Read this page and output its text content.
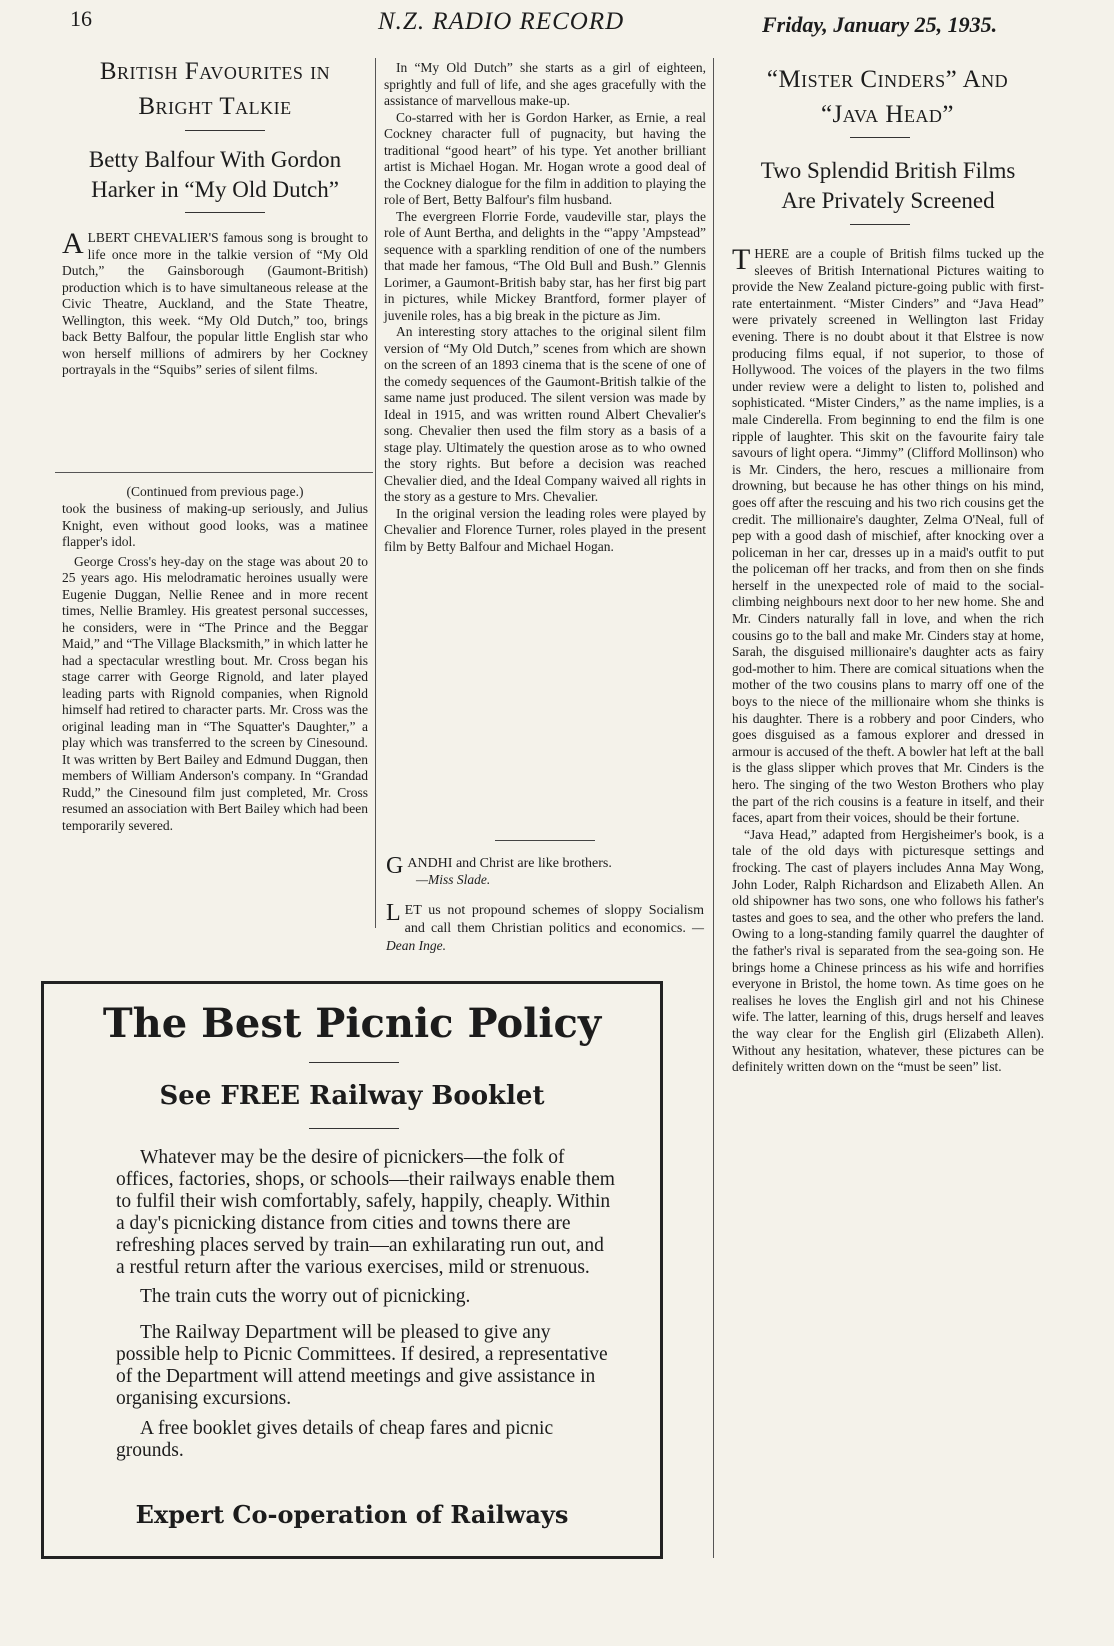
16	N.Z. RADIO RECORD	Friday, January 25, 1935.
British Favourites in
Bright Talkie
Betty Balfour With Gordon
Harker in “My Old Dutch”

ALBERT CHEVALIER'S famous song is brought to life once more in the talkie version of “My Old Dutch,” the Gainsborough (Gaumont-British) production which is to have simultaneous release at the Civic Theatre, Auckland, and the State Theatre, Wellington, this week. “My Old Dutch,” too, brings back Betty Balfour, the popular little English star who won herself millions of admirers by her Cockney portrayals in the “Squibs” series of silent films.

(Continued from previous page.)

took the business of making-up seriously, and Julius Knight, even without good looks, was a matinee flapper's idol.

George Cross's hey-day on the stage was about 20 to 25 years ago. His melodramatic heroines usually were Eugenie Duggan, Nellie Renee and in more recent times, Nellie Bramley. His greatest personal successes, he considers, were in “The Prince and the Beggar Maid,” and “The Village Blacksmith,” in which latter he had a spectacular wrestling bout. Mr. Cross began his stage carrer with George Rignold, and later played leading parts with Rignold companies, when Rignold himself had retired to character parts. Mr. Cross was the original leading man in “The Squatter's Daughter,” a play which was transferred to the screen by Cinesound. It was written by Bert Bailey and Edmund Duggan, then members of William Anderson's company. In “Grandad Rudd,” the Cinesound film just completed, Mr. Cross resumed an association with Bert Bailey which had been temporarily severed.

In “My Old Dutch” she starts as a girl of eighteen, sprightly and full of life, and she ages gracefully with the assistance of marvellous make-up.

Co-starred with her is Gordon Harker, as Ernie, a real Cockney character full of pugnacity, but having the traditional “good heart” of his type. Yet another brilliant artist is Michael Hogan. Mr. Hogan wrote a good deal of the Cockney dialogue for the film in addition to playing the role of Bert, Betty Balfour's film husband.

The evergreen Florrie Forde, vaudeville star, plays the role of Aunt Bertha, and delights in the “'appy 'Ampstead” sequence with a sparkling rendition of one of the numbers that made her famous, “The Old Bull and Bush.” Glennis Lorimer, a Gaumont-British baby star, has her first big part in pictures, while Mickey Brantford, former player of juvenile roles, has a big break in the picture as Jim.

An interesting story attaches to the original silent film version of “My Old Dutch,” scenes from which are shown on the screen of an 1893 cinema that is the scene of one of the comedy sequences of the Gaumont-British talkie of the same name just produced. The silent version was made by Ideal in 1915, and was written round Albert Chevalier's song. Chevalier then used the film story as a basis of a stage play. Ultimately the question arose as to who owned the story rights. But before a decision was reached Chevalier died, and the Ideal Company waived all rights in the story as a gesture to Mrs. Chevalier.

In the original version the leading roles were played by Chevalier and Florence Turner, roles played in the present film by Betty Balfour and Michael Hogan.

GANDHI and Christ are like brothers.

—Miss Slade.

LET us not propound schemes of sloppy Socialism and call them Christian politics and economics. —Dean Inge.

The Best Picnic Policy
See FREE Railway Booklet

Whatever may be the desire of picnickers—the folk of offices, factories, shops, or schools—their railways enable them to fulfil their wish comfortably, safely, happily, cheaply. Within a day's picnicking distance from cities and towns there are refreshing places served by train—an exhilarating run out, and a restful return after the various exercises, mild or strenuous.

The train cuts the worry out of picnicking.

The Railway Department will be pleased to give any possible help to Picnic Committees. If desired, a representative of the Department will attend meetings and give assistance in organising excursions.

A free booklet gives details of cheap fares and picnic grounds.

Expert Co-operation of Railways
“Mister Cinders” And
“Java Head”
Two Splendid British Films
Are Privately Screened

THERE are a couple of British films tucked up the sleeves of British International Pictures waiting to provide the New Zealand picture-going public with first-rate entertainment. “Mister Cinders” and “Java Head” were privately screened in Wellington last Friday evening. There is no doubt about it that Elstree is now producing films equal, if not superior, to those of Hollywood. The voices of the players in the two films under review were a delight to listen to, polished and sophisticated. “Mister Cinders,” as the name implies, is a male Cinderella. From beginning to end the film is one ripple of laughter. This skit on the favourite fairy tale savours of light opera. “Jimmy” (Clifford Mollinson) who is Mr. Cinders, the hero, rescues a millionaire from drowning, but because he has other things on his mind, goes off after the rescuing and his two rich cousins get the credit. The millionaire's daughter, Zelma O'Neal, full of pep with a good dash of mischief, after knocking over a policeman in her car, dresses up in a maid's outfit to put the policeman off her tracks, and from then on she finds herself in the unexpected role of maid to the social-climbing neighbours next door to her new home. She and Mr. Cinders naturally fall in love, and when the rich cousins go to the ball and make Mr. Cinders stay at home, Sarah, the disguised millionaire's daughter acts as fairy god-mother to him. There are comical situations when the mother of the two cousins plans to marry off one of the boys to the niece of the millionaire whom she thinks is his daughter. There is a robbery and poor Cinders, who goes disguised as a famous explorer and dressed in armour is accused of the theft. A bowler hat left at the ball is the glass slipper which proves that Mr. Cinders is the hero. The singing of the two Weston Brothers who play the part of the rich cousins is a feature in itself, and their faces, apart from their voices, should be their fortune.

“Java Head,” adapted from Hergisheimer's book, is a tale of the old days with picturesque settings and frocking. The cast of players includes Anna May Wong, John Loder, Ralph Richardson and Elizabeth Allen. An old shipowner has two sons, one who follows his father's tastes and goes to sea, and the other who prefers the land. Owing to a long-standing family quarrel the daughter of the father's rival is separated from the sea-going son. He brings home a Chinese princess as his wife and horrifies everyone in Bristol, the home town. As time goes on he realises he loves the English girl and not his Chinese wife. The latter, learning of this, drugs herself and leaves the way clear for the English girl (Elizabeth Allen). Without any hesitation, whatever, these pictures can be definitely written down on the “must be seen” list.
